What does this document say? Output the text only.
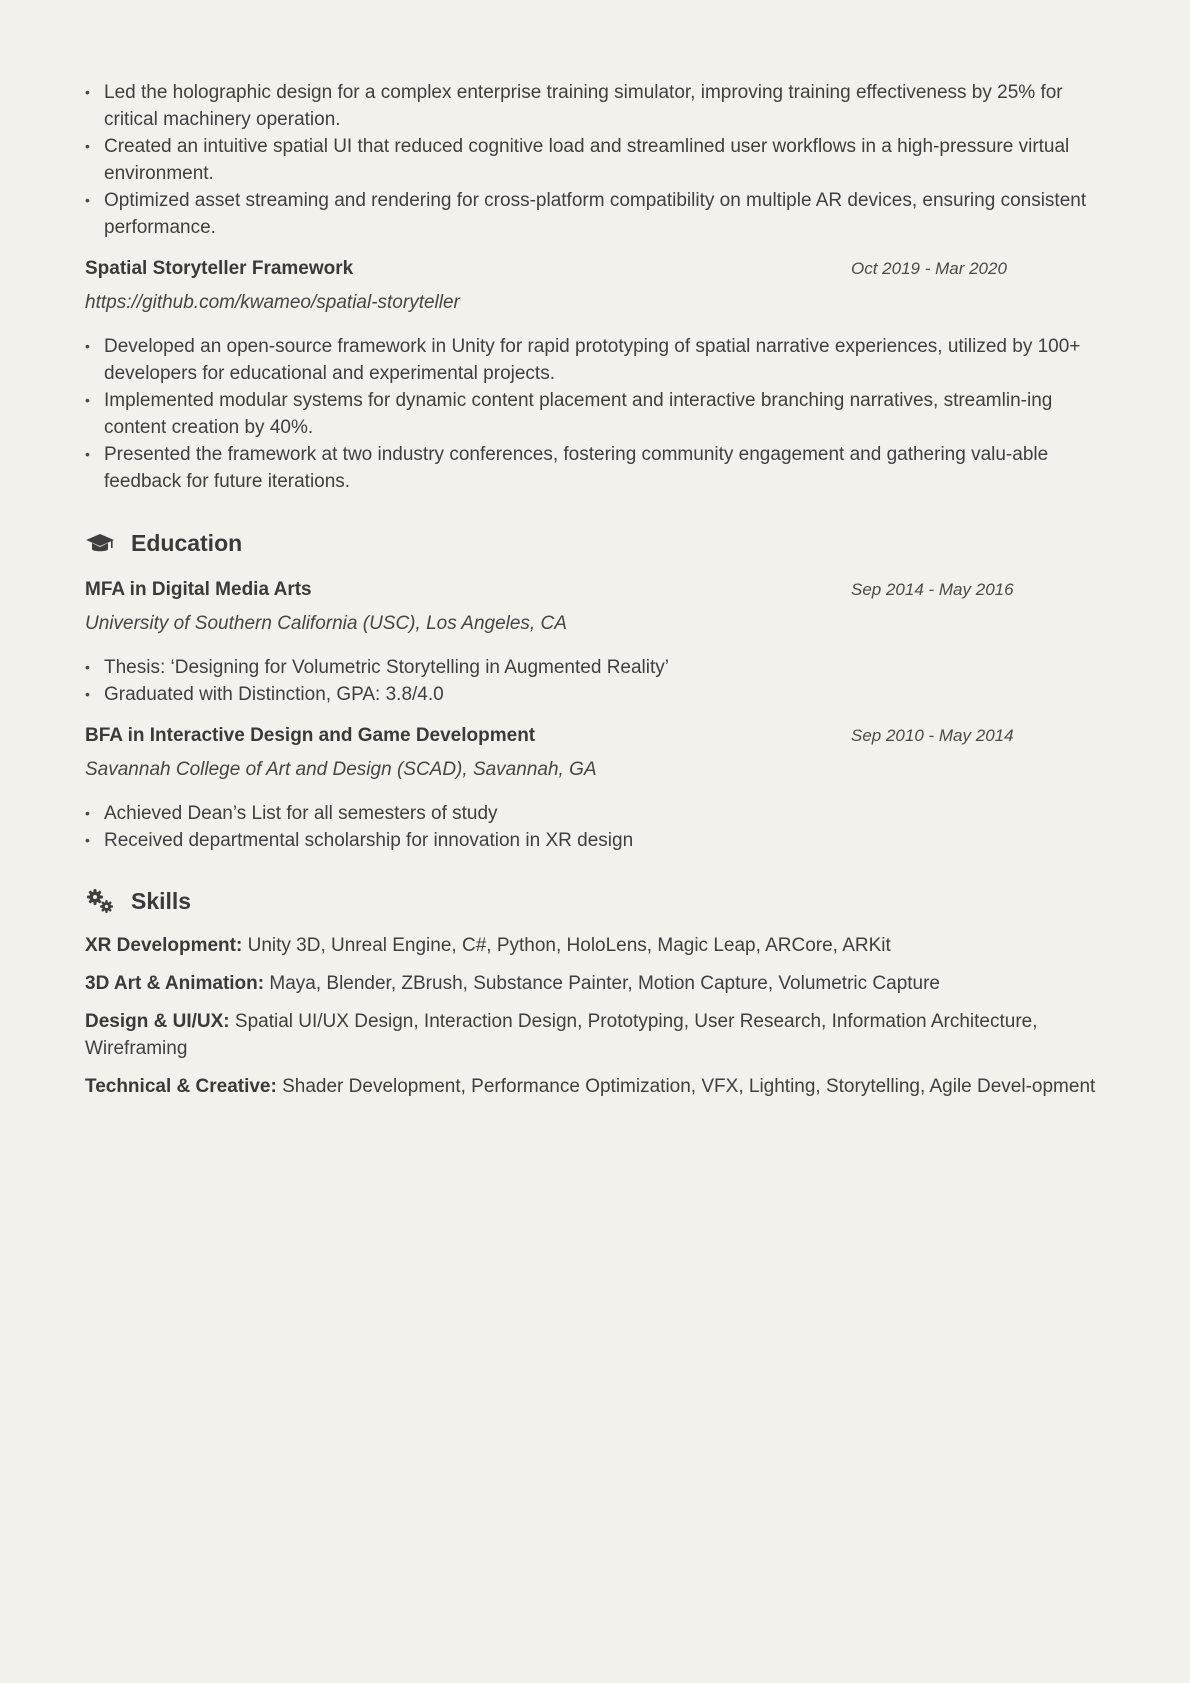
• Led the holographic design for a complex enterprise training simulator, improving training effectiveness by 25% for critical machinery operation.
• Created an intuitive spatial UI that reduced cognitive load and streamlined user workflows in a high-pressure virtual environment.
• Optimized asset streaming and rendering for cross-platform compatibility on multiple AR devices, ensuring consistent performance.
Spatial Storyteller Framework	Oct 2019 - Mar 2020
https://github.com/kwameo/spatial-storyteller
• Developed an open-source framework in Unity for rapid prototyping of spatial narrative experiences, utilized by 100+ developers for educational and experimental projects.
• Implemented modular systems for dynamic content placement and interactive branching narratives, streamlin-ing content creation by 40%.
• Presented the framework at two industry conferences, fostering community engagement and gathering valu-able feedback for future iterations.
Education
MFA in Digital Media Arts	Sep 2014 - May 2016
University of Southern California (USC), Los Angeles, CA
• Thesis: ‘Designing for Volumetric Storytelling in Augmented Reality’
• Graduated with Distinction, GPA: 3.8/4.0
BFA in Interactive Design and Game Development	Sep 2010 - May 2014
Savannah College of Art and Design (SCAD), Savannah, GA
• Achieved Dean’s List for all semesters of study
• Received departmental scholarship for innovation in XR design
Skills
XR Development: Unity 3D, Unreal Engine, C#, Python, HoloLens, Magic Leap, ARCore, ARKit
3D Art & Animation: Maya, Blender, ZBrush, Substance Painter, Motion Capture, Volumetric Capture
Design & UI/UX: Spatial UI/UX Design, Interaction Design, Prototyping, User Research, Information Architecture, Wireframing
Technical & Creative: Shader Development, Performance Optimization, VFX, Lighting, Storytelling, Agile Devel-opment
